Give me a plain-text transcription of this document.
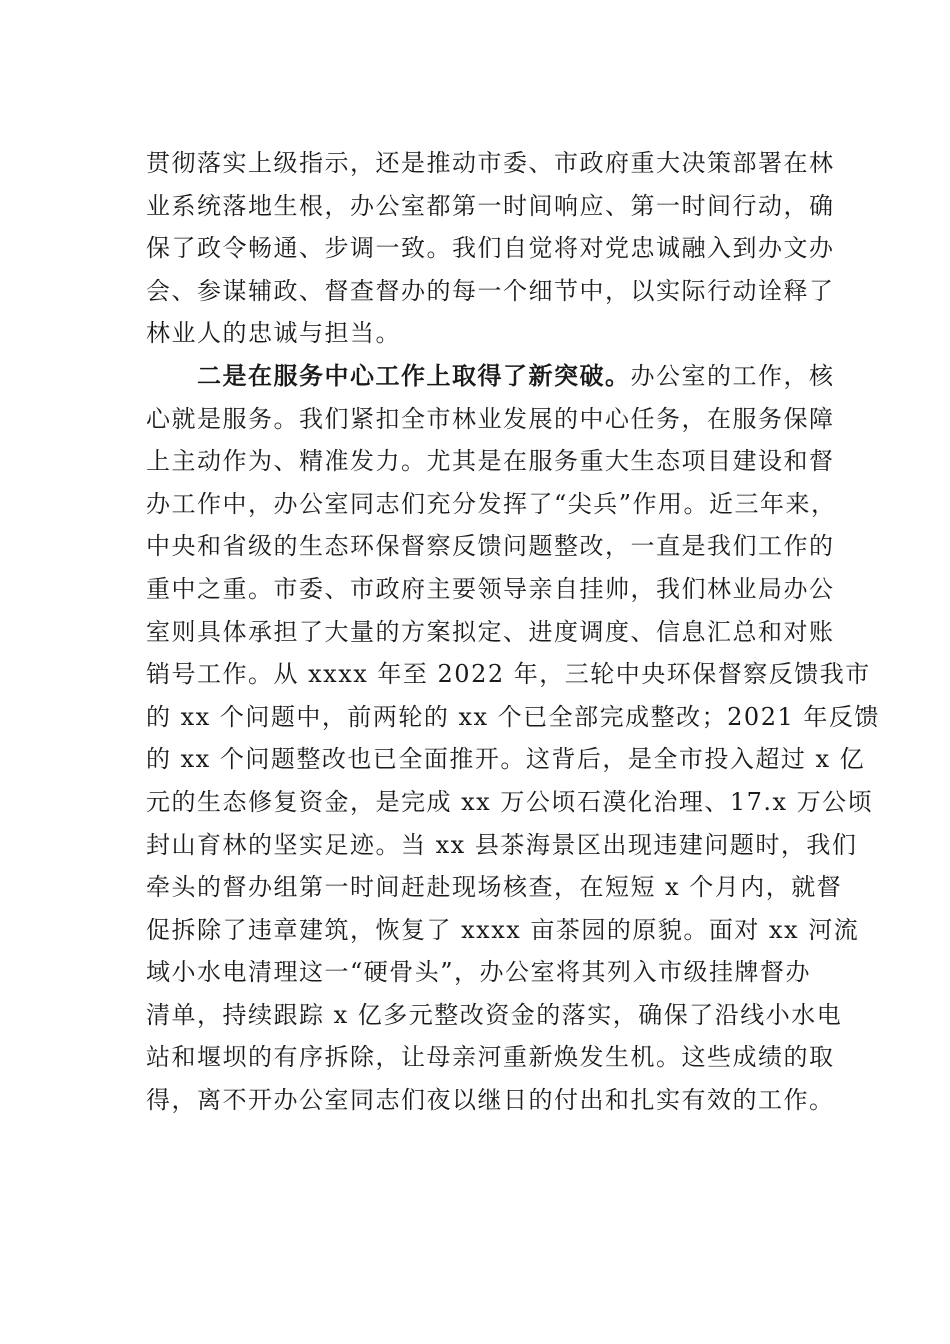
贯彻落实上级指示，还是推动市委、市政府重大决策部署在林
业系统落地生根，办公室都第一时间响应、第一时间行动，确
保了政令畅通、步调一致。我们自觉将对党忠诚融入到办文办
会、参谋辅政、督查督办的每一个细节中，以实际行动诠释了
林业人的忠诚与担当。
二是在服务中心工作上取得了新突破。办公室的工作，核
心就是服务。我们紧扣全市林业发展的中心任务，在服务保障
上主动作为、精准发力。尤其是在服务重大生态项目建设和督
办工作中，办公室同志们充分发挥了“尖兵”作用。近三年来，
中央和省级的生态环保督察反馈问题整改，一直是我们工作的
重中之重。市委、市政府主要领导亲自挂帅，我们林业局办公
室则具体承担了大量的方案拟定、进度调度、信息汇总和对账
销号工作。从 xxxx 年至 2022 年，三轮中央环保督察反馈我市
的 xx 个问题中，前两轮的 xx 个已全部完成整改；2021 年反馈
的 xx 个问题整改也已全面推开。这背后，是全市投入超过 x 亿
元的生态修复资金，是完成 xx 万公顷石漠化治理、17.x 万公顷
封山育林的坚实足迹。当 xx 县茶海景区出现违建问题时，我们
牵头的督办组第一时间赶赴现场核查，在短短 x 个月内，就督
促拆除了违章建筑，恢复了 xxxx 亩茶园的原貌。面对 xx 河流
域小水电清理这一“硬骨头”，办公室将其列入市级挂牌督办
清单，持续跟踪 x 亿多元整改资金的落实，确保了沿线小水电
站和堰坝的有序拆除，让母亲河重新焕发生机。这些成绩的取
得，离不开办公室同志们夜以继日的付出和扎实有效的工作。
